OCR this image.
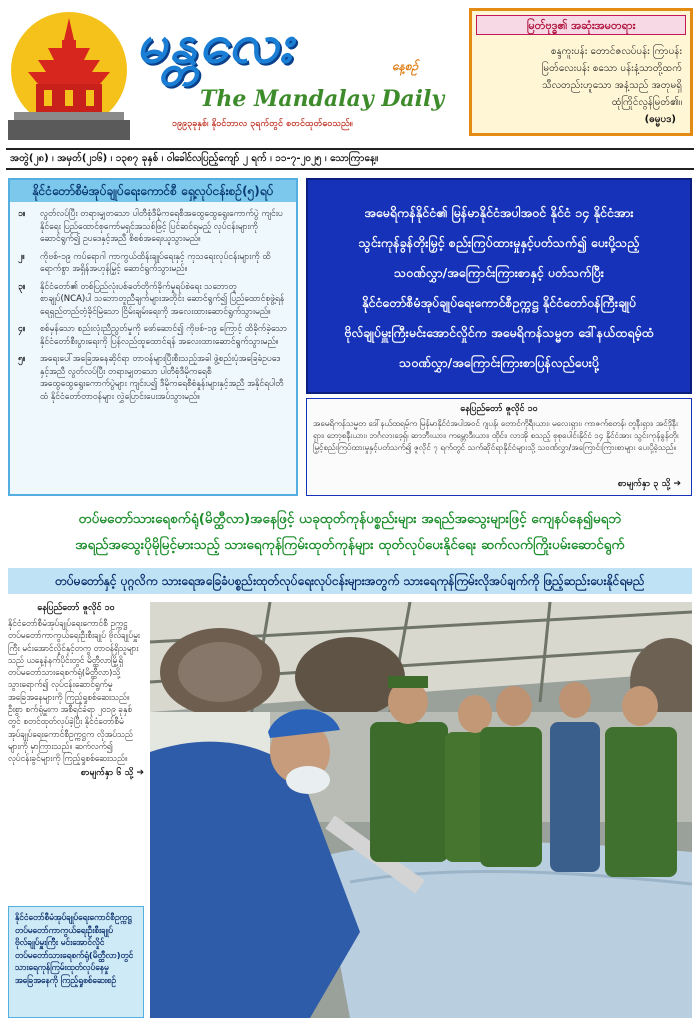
မန္တလေး	နေ့စဉ်
The Mandalay Daily
၁၉၉၃ခုနှစ်၊ နိုဝင်ဘာလ ၃ရက်တွင် စတင်ထုတ်ဝေသည်။
မြတ်ဗုဒ္ဓ၏ အဆုံးအမတရား
စန္ဒကူးပန်း တောင်ဇလပ်ပန်း ကြာပန်း
မြတ်လေးပန်း စသော ပန်းနံ့သာတို့ထက်
သီလတည်းဟူသော အနံ့သည် အတုမရှိ
ထုံကြိုင်လွန်မြတ်၏။
(ဓမ္မပဒ)
အတွဲ(၂၈) ၊ အမှတ်(၂၁၆) ၊ ၁၃၈၇ ခုနှစ် ၊ ဝါခေါင်လပြည့်ကျော် ၂ ရက် ၊ ၁၁-၇-၂၀၂၅ ၊ သောကြာနေ့။
နိုင်ငံတော်စီမံအုပ်ချုပ်ရေးကောင်စီ ရှေ့လုပ်ငန်းစဉ်(၅)ရပ်
၁။	လွတ်လပ်ပြီး တရားမျှတသော ပါတီစုံဒီမိုကရေစီအထွေထွေရွေးကောက်ပွဲ ကျင်းပနိုင်ရေး ပြည်ထောင်စုကော်မရှင်အသစ်ဖြင့် ပြင်ဆင်ရမည့် လုပ်ငန်းများကို ဆောင်ရွက်၍ ဥပဒေနှင့်အညီ စိစစ်အရေးယူသွားမည်။
၂။	ကိုဗစ်-၁၉ ကပ်ရောဂါ ကာကွယ်ထိန်းချုပ်ရေးနှင့် ကုသရေးလုပ်ငန်းများကို ထိရောက်စွာ အရှိန်အဟုန်မြှင့် ဆောင်ရွက်သွားမည်။
၃။	နိုင်ငံတော်၏ တစ်ပြည်လုံးပစ်ခတ်တိုက်ခိုက်မှုရပ်စဲရေး သဘောတူစာချုပ်(NCA)ပါ သဘောတူညီချက်များအတိုင်း ဆောင်ရွက်၍ ပြည်ထောင်စုဖွဲ့ရန် ရေရှည်တည်တံ့ခိုင်မြဲသော ငြိမ်းချမ်းရေးကို အလေးထားဆောင်ရွက်သွားမည်။
၄။	စစ်မှန်သော စည်းလုံးညီညွတ်မှုကို ဖော်ဆောင်၍ ကိုဗစ်-၁၉ ကြောင့် ထိခိုက်ခဲ့သော နိုင်ငံတော်စီးပွားရေးကို ပြန်လည်ထူထောင်ရန် အလေးထားဆောင်ရွက်သွားမည်။
၅။	အရေးပေါ်အခြေအနေဆိုင်ရာ တာဝန်များပြီးစီးသည့်အခါ ဖွဲ့စည်းပုံအခြေခံဥပဒေနှင့်အညီ လွတ်လပ်ပြီး တရားမျှတသော ပါတီစုံဒီမိုကရေစီ အထွေထွေရွေးကောက်ပွဲများ ကျင်းပ၍ ဒီမိုကရေစီစံနှုန်းများနှင့်အညီ အနိုင်ရပါတီထံ နိုင်ငံတော်တာဝန်များ လွှဲပြောင်းပေးအပ်သွားမည်။
အမေရိကန်နိုင်ငံ၏ မြန်မာနိုင်ငံအပါအဝင် နိုင်ငံ ၁၄ နိုင်ငံအား
သွင်းကုန်ခွန်တိုးမြှင့် စည်းကြပ်ထားမှုနှင့်ပတ်သက်၍ ပေးပို့သည့်
သဝဏ်လွှာ/အကြောင်းကြားစာနှင့် ပတ်သက်ပြီး
နိုင်ငံတော်စီမံအုပ်ချုပ်ရေးကောင်စီဥက္ကဋ္ဌ နိုင်ငံတော်ဝန်ကြီးချုပ်
ဗိုလ်ချုပ်မှူးကြီးမင်းအောင်လှိုင်က အမေရိကန်သမ္မတ ဒေါ်နယ်ထရမ့်ထံ
သဝဏ်လွှာ/အကြောင်းကြားစာပြန်လည်ပေးပို့
နေပြည်တော် ဇူလိုင် ၁၀
အမေရိကန်သမ္မတ ဒေါ်နယ်ထရမ့်က မြန်မာနိုင်ငံအပါအဝင် ဂျပန်၊ တောင်ကိုရီးယား၊ မလေးရှား၊ ကာဇက်စတန်၊ တူနီးရှား၊ အင်ဒိုနီးရှား၊ ဘော့စနီးယား၊ ဘင်္ဂလားဒေ့ရှ်၊ ဆာဘီးယား၊ ကမ္ဘောဒီးယား၊ ထိုင်း၊ လာအို စသည့် စုစုပေါင်းနိုင်ငံ ၁၄ နိုင်ငံအား သွင်းကုန်ခွန်တိုးမြှင့်စည်းကြပ်ထားမှုနှင့်ပတ်သက်၍ ဇူလိုင် ၇ ရက်တွင် သက်ဆိုင်ရာနိုင်ငံများသို့ သဝဏ်လွှာ/အကြောင်းကြားစာများ ပေးပို့ခဲ့သည်။
စာမျက်နှာ ၃ သို့ ➔
တပ်မတော်သားရေစက်ရုံ(မိတ္ထီလာ)အနေဖြင့် ယခုထုတ်ကုန်ပစ္စည်းများ အရည်အသွေးများဖြင့် ကျေနပ်နေ၍မရဘဲ
အရည်အသွေးပိုမိုမြင့်မားသည့် သားရေကုန်ကြမ်းထုတ်ကုန်များ ထုတ်လုပ်ပေးနိုင်ရေး ဆက်လက်ကြိုးပမ်းဆောင်ရွက်
တပ်မတော်နှင့် ပုဂ္ဂလိက သားရေအခြေခံပစ္စည်းထုတ်လုပ်ရေးလုပ်ငန်းများအတွက် သားရေကုန်ကြမ်းလိုအပ်ချက်ကို ဖြည့်ဆည်းပေးနိုင်ရမည်
နေပြည်တော် ဇူလိုင် ၁၀
နိုင်ငံတော်စီမံအုပ်ချုပ်ရေးကောင်စီ ဥက္ကဋ္ဌ တပ်မတော်ကာကွယ်ရေးဦးစီးချုပ် ဗိုလ်ချုပ်မှူးကြီး မင်းအောင်လှိုင်နှင့်တကွ တာဝန်ရှိသူများသည် ယနေ့နံနက်ပိုင်းတွင် မိတ္ထီလာမြို့ရှိ တပ်မတော်သားရေစက်ရုံ(မိတ္ထီလာ)သို့ သွားရောက်၍ လုပ်ငန်းဆောင်ရွက်မှုအခြေအနေများကို ကြည့်ရှုစစ်ဆေးသည်။ ဦးစွာ စက်ရုံမှူးက အစီရင်ခံရာ ၂၀၁၉ ခုနှစ်တွင် စတင်ထုတ်လုပ်ခဲ့ပြီး နိုင်ငံတော်စီမံအုပ်ချုပ်ရေးကောင်စီဥက္ကဋ္ဌက လိုအပ်သည်များကို မှာကြားသည်။ ဆက်လက်၍ လုပ်ငန်းခွင်များကို ကြည့်ရှုစစ်ဆေးသည်။
စာမျက်နှာ ၆ သို့ ➔
နိုင်ငံတော်စီမံအုပ်ချုပ်ရေးကောင်စီဥက္ကဋ္ဌ တပ်မတော်ကာကွယ်ရေးဦးစီးချုပ် ဗိုလ်ချုပ်မှူးကြီး မင်းအောင်လှိုင် တပ်မတော်သားရေစက်ရုံ(မိတ္ထီလာ)တွင် သားရေကုန်ကြမ်းထုတ်လုပ်နေမှု အခြေအနေကို ကြည့်ရှုစစ်ဆေးစဉ်
